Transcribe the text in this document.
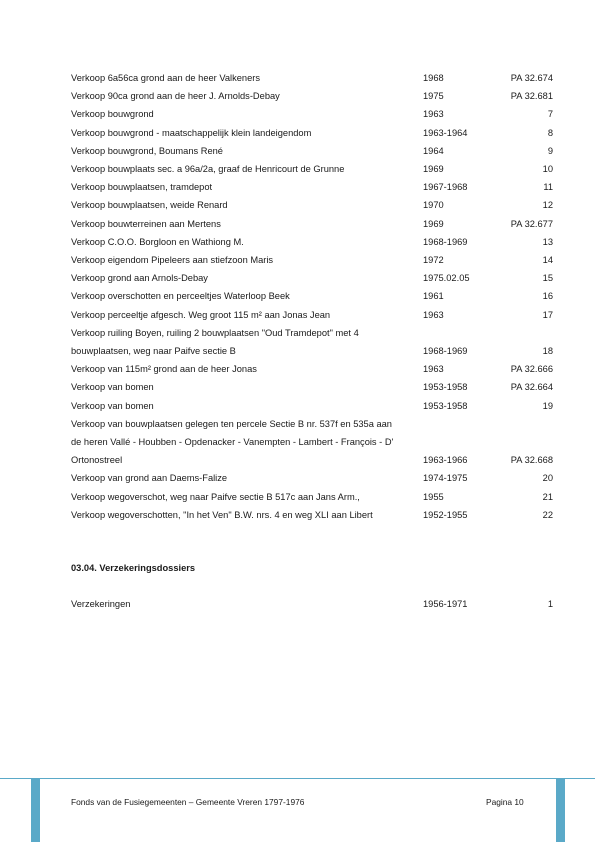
Verkoop 6a56ca grond aan de heer Valkeners	1968	PA 32.674
Verkoop 90ca grond aan de heer J. Arnolds-Debay	1975	PA 32.681
Verkoop bouwgrond	1963	7
Verkoop bouwgrond - maatschappelijk klein landeigendom	1963-1964	8
Verkoop bouwgrond, Boumans René	1964	9
Verkoop bouwplaats sec. a 96a/2a, graaf de Henricourt de Grunne	1969	10
Verkoop bouwplaatsen, tramdepot	1967-1968	11
Verkoop bouwplaatsen, weide Renard	1970	12
Verkoop bouwterreinen aan Mertens	1969	PA 32.677
Verkoop C.O.O. Borgloon en Wathiong M.	1968-1969	13
Verkoop eigendom Pipeleers aan stiefzoon Maris	1972	14
Verkoop grond aan Arnols-Debay	1975.02.05	15
Verkoop overschotten en perceeltjes Waterloop Beek	1961	16
Verkoop perceeltje afgesch. Weg groot 115 m² aan Jonas Jean	1963	17
Verkoop ruiling Boyen, ruiling 2 bouwplaatsen "Oud Tramdepot" met 4
bouwplaatsen, weg naar Paifve sectie B	1968-1969	18
Verkoop van 115m² grond aan de heer Jonas	1963	PA 32.666
Verkoop van bomen	1953-1958	PA 32.664
Verkoop van bomen	1953-1958	19
Verkoop van bouwplaatsen gelegen ten percele Sectie B nr. 537f en 535a aan
de heren Vallé - Houbben - Opdenacker - Vanempten - Lambert - François - D'
Ortonostreel	1963-1966	PA 32.668
Verkoop van grond aan Daems-Falize	1974-1975	20
Verkoop wegoverschot, weg naar Paifve sectie B 517c aan Jans Arm.,	1955	21
Verkoop wegoverschotten, "In het Ven" B.W. nrs. 4 en weg XLI aan Libert	1952-1955	22
03.04. Verzekeringsdossiers
Verzekeringen	1956-1971	1
Fonds van de Fusiegemeenten – Gemeente Vreren 1797-1976	Pagina 10
